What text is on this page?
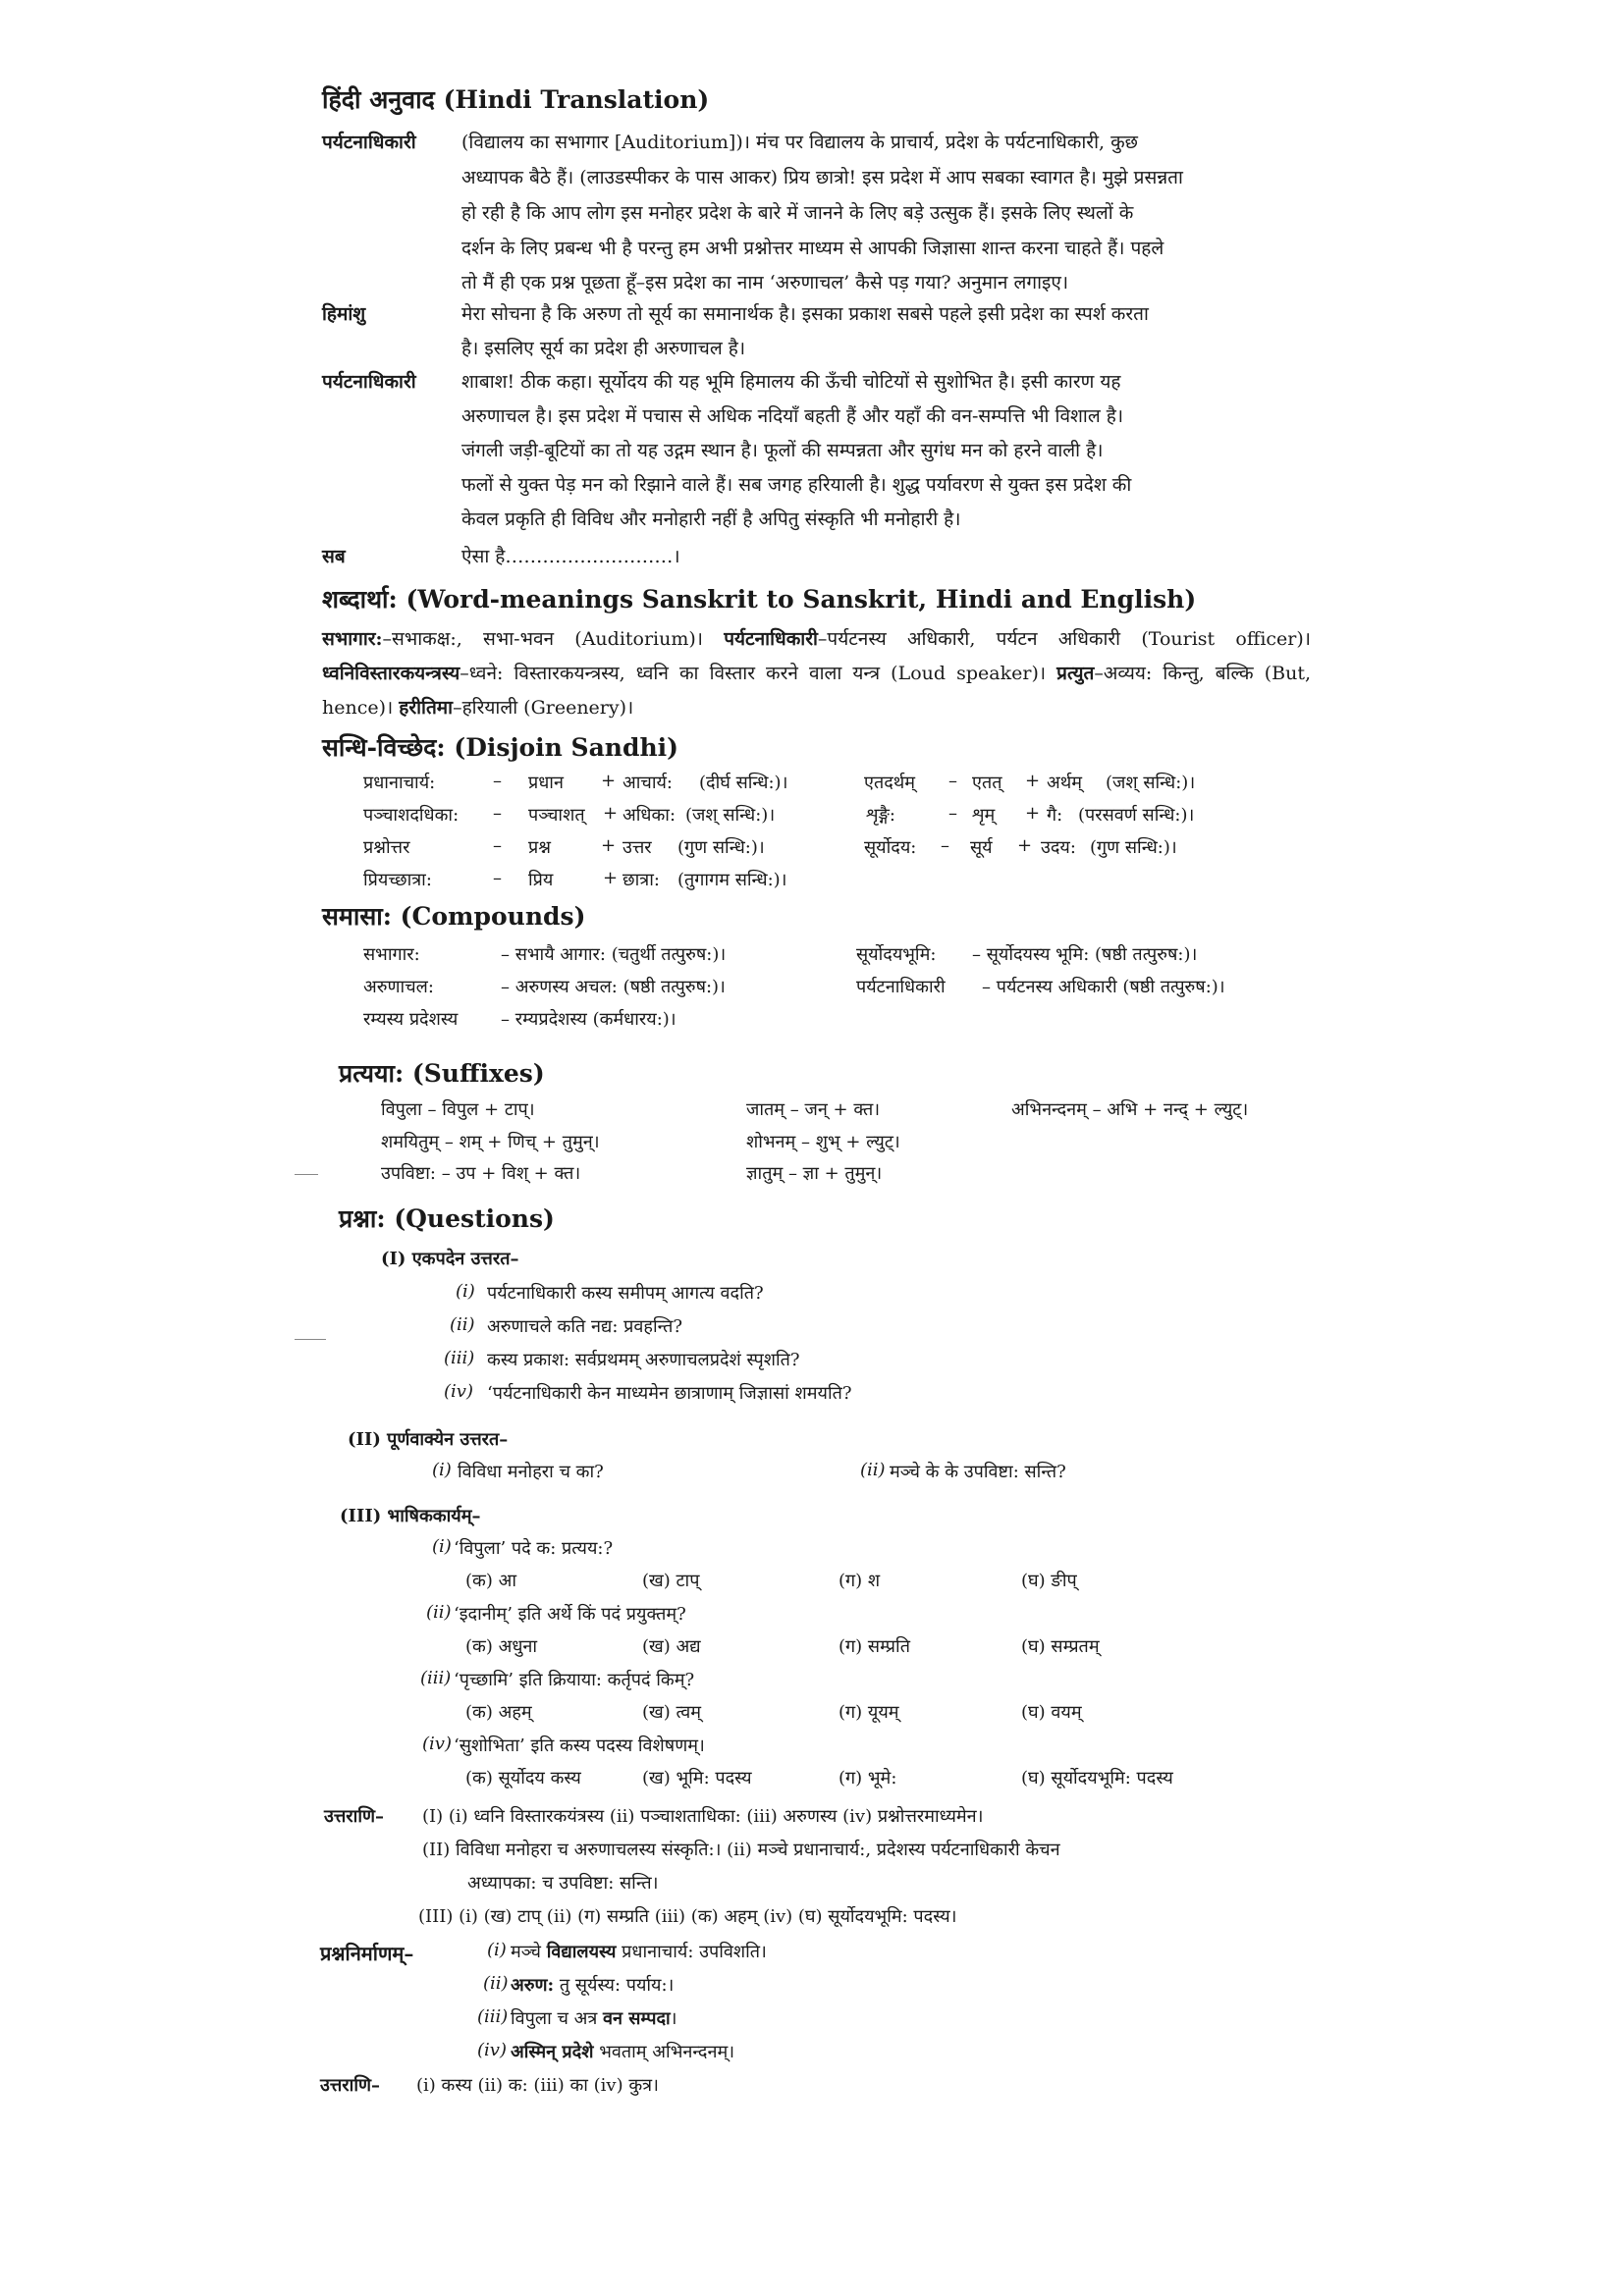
हिंदी अनुवाद (Hindi Translation)
पर्यटनाधिकारी (विद्यालय का सभागार [Auditorium])। मंच पर विद्यालय के प्राचार्य, प्रदेश के पर्यटनाधिकारी, कुछ
अध्यापक बैठे हैं। (लाउडस्पीकर के पास आकर) प्रिय छात्रो! इस प्रदेश में आप सबका स्वागत है। मुझे प्रसन्नता
हो रही है कि आप लोग इस मनोहर प्रदेश के बारे में जानने के लिए बड़े उत्सुक हैं। इसके लिए स्थलों के
दर्शन के लिए प्रबन्ध भी है परन्तु हम अभी प्रश्नोत्तर माध्यम से आपकी जिज्ञासा शान्त करना चाहते हैं। पहले
तो मैं ही एक प्रश्न पूछता हूँ–इस प्रदेश का नाम ‘अरुणाचल’ कैसे पड़ गया? अनुमान लगाइए।
हिमांशु	मेरा सोचना है कि अरुण तो सूर्य का समानार्थक है। इसका प्रकाश सबसे पहले इसी प्रदेश का स्पर्श करता
है। इसलिए सूर्य का प्रदेश ही अरुणाचल है।
पर्यटनाधिकारी शाबाश! ठीक कहा। सूर्योदय की यह भूमि हिमालय की ऊँची चोटियों से सुशोभित है। इसी कारण यह
अरुणाचल है। इस प्रदेश में पचास से अधिक नदियाँ बहती हैं और यहाँ की वन-सम्पत्ति भी विशाल है।
जंगली जड़ी-बूटियों का तो यह उद्गम स्थान है। फूलों की सम्पन्नता और सुगंध मन को हरने वाली है।
फलों से युक्त पेड़ मन को रिझाने वाले हैं। सब जगह हरियाली है। शुद्ध पर्यावरण से युक्त इस प्रदेश की
केवल प्रकृति ही विविध और मनोहारी नहीं है अपितु संस्कृति भी मनोहारी है।
सब	ऐसा है………………………।
शब्दार्था: (Word-meanings Sanskrit to Sanskrit, Hindi and English)
सभागार:–सभाकक्ष:, सभा-भवन (Auditorium)। पर्यटनाधिकारी–पर्यटनस्य अधिकारी, पर्यटन अधिकारी (Tourist officer)। ध्वनिविस्तारकयन्त्रस्य–ध्वने: विस्तारकयन्त्रस्य, ध्वनि का विस्तार करने वाला यन्त्र (Loud speaker)। प्रत्युत–अव्यय: किन्तु, बल्कि (But, hence)। हरीतिमा–हरियाली (Greenery)।
सन्धि-विच्छेद: (Disjoin Sandhi)
प्रधानाचार्य:	– प्रधान + आचार्य: (दीर्घ सन्धि:)।	एतदर्थम् – एतत् + अर्थम् (जश् सन्धि:)।
पञ्चाशदधिका: – पञ्चाशत् + अधिका: (जश् सन्धि:)।	शृङ्गै:	– शृम् + गै: (परसवर्ण सन्धि:)।
प्रश्नोत्तर	– प्रश्न	+ उत्तर (गुण सन्धि:)।	सूर्योदय: – सूर्य + उदय: (गुण सन्धि:)।
प्रियच्छात्रा:	– प्रिय	+ छात्रा: (तुगागम सन्धि:)।
समासा: (Compounds)
सभागार:	– सभायै आगार: (चतुर्थी तत्पुरुष:)।	सूर्योदयभूमि: – सूर्योदयस्य भूमि: (षष्ठी तत्पुरुष:)।
अरुणाचल:	– अरुणस्य अचल: (षष्ठी तत्पुरुष:)।	पर्यटनाधिकारी – पर्यटनस्य अधिकारी (षष्ठी तत्पुरुष:)।
रम्यस्य प्रदेशस्य – रम्यप्रदेशस्य (कर्मधारय:)।
प्रत्यया: (Suffixes)
विपुला – विपुल + टाप्।	जातम् – जन् + क्त।	अभिनन्दनम् – अभि + नन्द् + ल्युट्।
शमयितुम् – शम् + णिच् + तुमुन्।	शोभनम् – शुभ् + ल्युट्।
उपविष्टा: – उप + विश् + क्त।	ज्ञातुम् – ज्ञा + तुमुन्।
प्रश्ना: (Questions)
(I) एकपदेन उत्तरत–
(i) पर्यटनाधिकारी कस्य समीपम् आगत्य वदति?
(ii) अरुणाचले कति नद्य: प्रवहन्ति?
(iii) कस्य प्रकाश: सर्वप्रथमम् अरुणाचलप्रदेशं स्पृशति?
(iv) ‘पर्यटनाधिकारी केन माध्यमेन छात्राणाम् जिज्ञासां शमयति?
(II) पूर्णवाक्येन उत्तरत–
(i) विविधा मनोहरा च का?	(ii) मञ्चे के के उपविष्टा: सन्ति?
(III) भाषिककार्यम्–
(i) ‘विपुला’ पदे क: प्रत्यय:?
(क) आ	(ख) टाप्	(ग) श	(घ) ङीप्
(ii) ‘इदानीम्’ इति अर्थे किं पदं प्रयुक्तम्?
(क) अधुना	(ख) अद्य	(ग) सम्प्रति	(घ) सम्प्रतम्
(iii) ‘पृच्छामि’ इति क्रियाया: कर्तृपदं किम्?
(क) अहम्	(ख) त्वम्	(ग) यूयम्	(घ) वयम्
(iv) ‘सुशोभिता’ इति कस्य पदस्य विशेषणम्।
(क) सूर्योदय कस्य	(ख) भूमि: पदस्य	(ग) भूमे:	(घ) सूर्योदयभूमि: पदस्य
उत्तराणि– (I) (i) ध्वनि विस्तारकयंत्रस्य (ii) पञ्चाशताधिका: (iii) अरुणस्य (iv) प्रश्नोत्तरमाध्यमेन।
(II) विविधा मनोहरा च अरुणाचलस्य संस्कृति:। (ii) मञ्चे प्रधानाचार्य:, प्रदेशस्य पर्यटनाधिकारी केचन
अध्यापका: च उपविष्टा: सन्ति।
(III) (i) (ख) टाप् (ii) (ग) सम्प्रति (iii) (क) अहम् (iv) (घ) सूर्योदयभूमि: पदस्य।
प्रश्ननिर्माणम्–	(i) मञ्चे विद्यालयस्य प्रधानाचार्य: उपविशति।
(ii) अरुण: तु सूर्यस्य: पर्याय:।
(iii) विपुला च अत्र वन सम्पदा।
(iv) अस्मिन् प्रदेशे भवताम् अभिनन्दनम्।
उत्तराणि– (i) कस्य (ii) क: (iii) का (iv) कुत्र।
